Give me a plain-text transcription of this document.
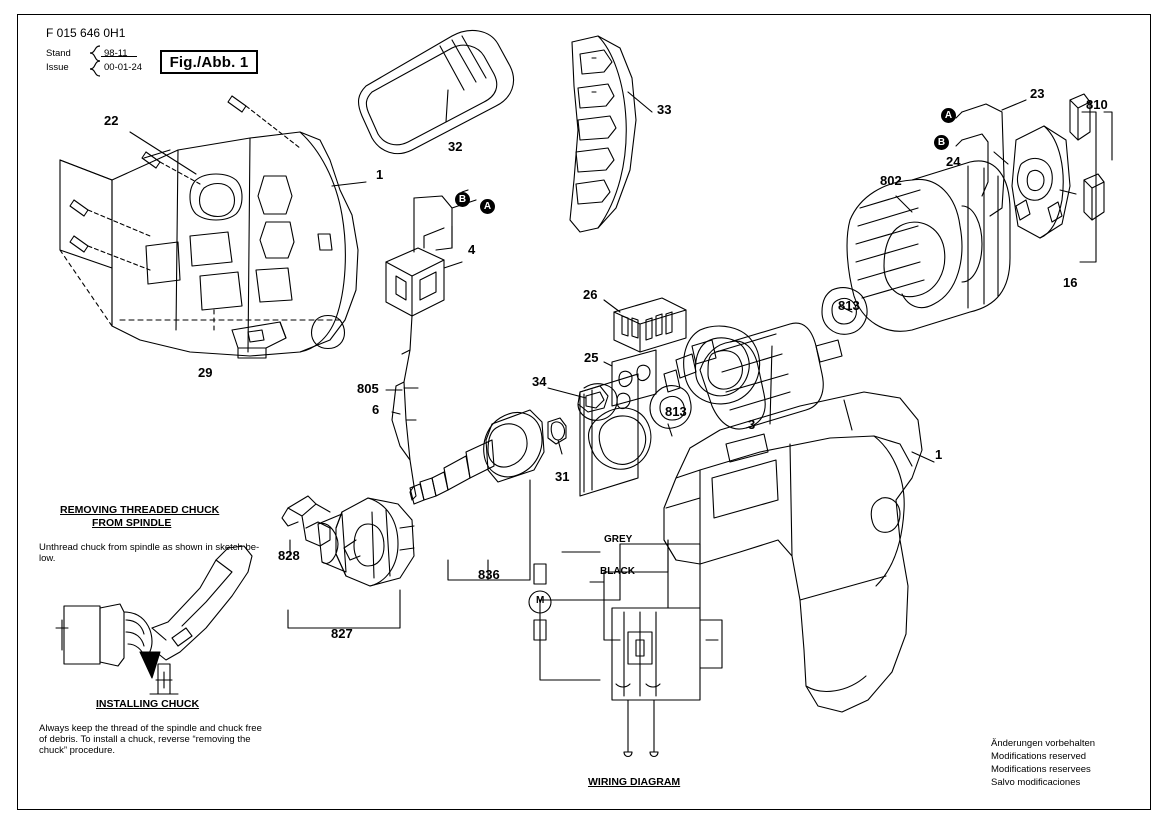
F 015 646 0H1
Stand
Issue
98-11
00-01-24	Fig./Abb. 1
B
A
A
B
22
1
29
32
33
4
805
6
26
25
34
31
3
813
813
802
23
24
810
16
1
828
827
836
REMOVING THREADED CHUCK
FROM SPINDLE
Unthread chuck from spindle as shown in sketch be-
low.
INSTALLING CHUCK
Always keep the thread of the spindle and chuck free
of debris. To install a chuck, reverse “removing the
chuck” procedure.
GREY
BLACK
M
WIRING DIAGRAM
Änderungen vorbehalten
Modifications reserved
Modifications reservees
Salvo modificaciones
